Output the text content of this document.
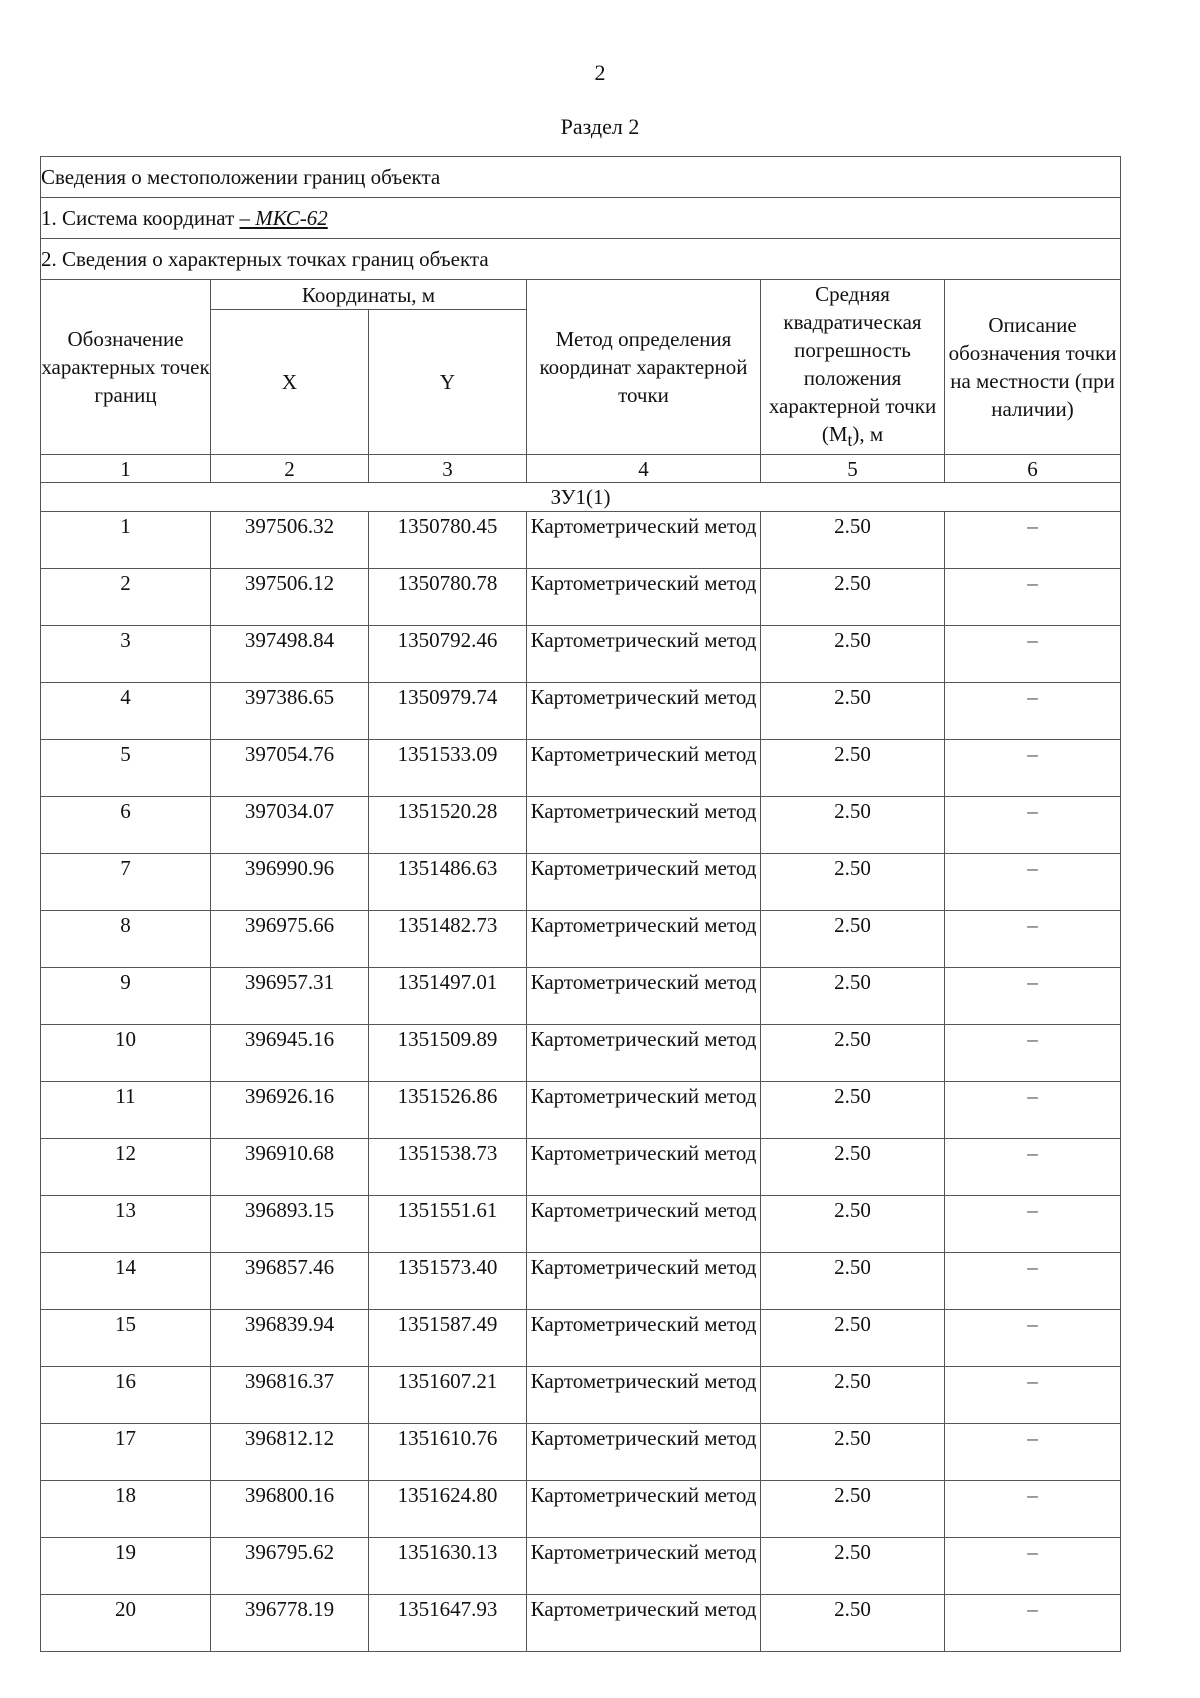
2
Раздел 2
Сведения о местоположении границ объекта					
1. Система координат – МКС-62					
2. Сведения о характерных точках границ объекта					
Обозначение характерных точек границ	Координаты, м		Метод определения координат характерной точки	Средняя квадратическая погрешность положения характерной точки $(M_t)$, м	Описание обозначения точки на местности (при наличии)
	X	Y			
1	2	3	4	5	6
ЗУ1(1)					
1	397506.32	1350780.45	Картометрический метод	2.50	–
2	397506.12	1350780.78	Картометрический метод	2.50	–
3	397498.84	1350792.46	Картометрический метод	2.50	–
4	397386.65	1350979.74	Картометрический метод	2.50	–
5	397054.76	1351533.09	Картометрический метод	2.50	–
6	397034.07	1351520.28	Картометрический метод	2.50	–
7	396990.96	1351486.63	Картометрический метод	2.50	–
8	396975.66	1351482.73	Картометрический метод	2.50	–
9	396957.31	1351497.01	Картометрический метод	2.50	–
10	396945.16	1351509.89	Картометрический метод	2.50	–
11	396926.16	1351526.86	Картометрический метод	2.50	–
12	396910.68	1351538.73	Картометрический метод	2.50	–
13	396893.15	1351551.61	Картометрический метод	2.50	–
14	396857.46	1351573.40	Картометрический метод	2.50	–
15	396839.94	1351587.49	Картометрический метод	2.50	–
16	396816.37	1351607.21	Картометрический метод	2.50	–
17	396812.12	1351610.76	Картометрический метод	2.50	–
18	396800.16	1351624.80	Картометрический метод	2.50	–
19	396795.62	1351630.13	Картометрический метод	2.50	–
20	396778.19	1351647.93	Картометрический метод	2.50	–
